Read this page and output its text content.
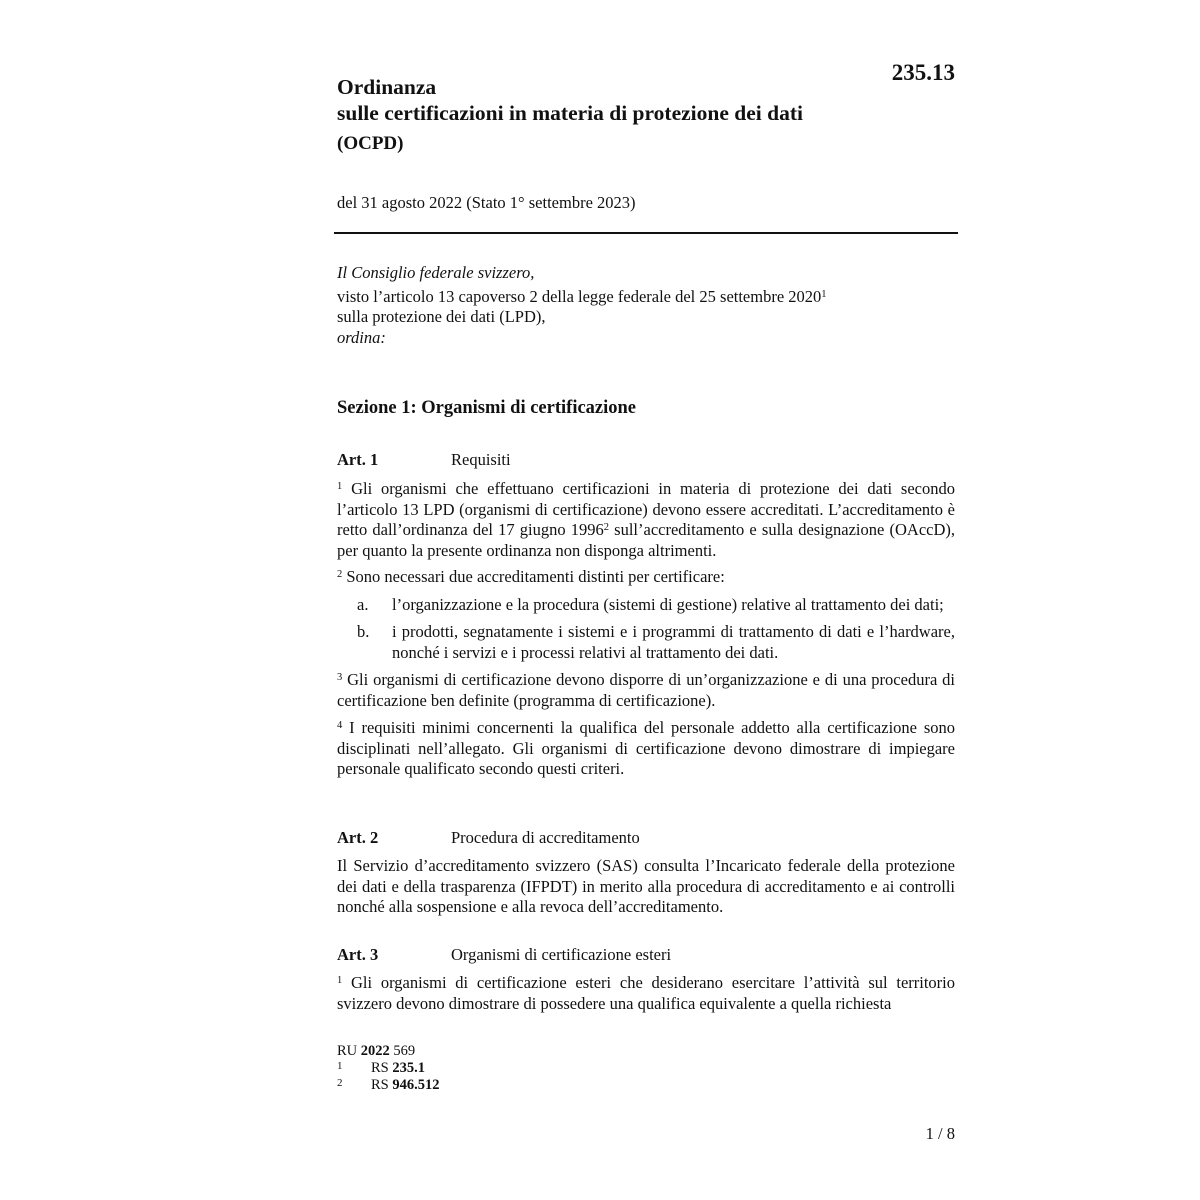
235.13
Ordinanza
sulle certificazioni in materia di protezione dei dati
(OCPD)
del 31 agosto 2022 (Stato 1° settembre 2023)

Il Consiglio federale svizzero,

visto l’articolo 13 capoverso 2 della legge federale del 25 settembre 2020$^1$
sulla protezione dei dati (LPD),

ordina:

Sezione 1: Organismi di certificazione
Art. 1	Requisiti

$^1$ Gli organismi che effettuano certificazioni in materia di protezione dei dati secondo l’articolo 13 LPD (organismi di certificazione) devono essere accreditati. L’accreditamento è retto dall’ordinanza del 17 giugno 1996$^2$ sull’accreditamento e sulla designazione (OAccD), per quanto la presente ordinanza non disponga altrimenti.

$^2$ Sono necessari due accreditamenti distinti per certificare:

a. l’organizzazione e la procedura (sistemi di gestione) relative al trattamento dei dati;
b. i prodotti, segnatamente i sistemi e i programmi di trattamento di dati e l’hardware, nonché i servizi e i processi relativi al trattamento dei dati.

$^3$ Gli organismi di certificazione devono disporre di un’organizzazione e di una procedura di certificazione ben definite (programma di certificazione).

$^4$ I requisiti minimi concernenti la qualifica del personale addetto alla certificazione sono disciplinati nell’allegato. Gli organismi di certificazione devono dimostrare di impiegare personale qualificato secondo questi criteri.

Art. 2	Procedura di accreditamento

Il Servizio d’accreditamento svizzero (SAS) consulta l’Incaricato federale della protezione dei dati e della trasparenza (IFPDT) in merito alla procedura di accreditamento e ai controlli nonché alla sospensione e alla revoca dell’accreditamento.

Art. 3	Organismi di certificazione esteri

$^1$ Gli organismi di certificazione esteri che desiderano esercitare l’attività sul territorio svizzero devono dimostrare di possedere una qualifica equivalente a quella richiesta

RU 2022 569
1 RS 235.1
2 RS 946.512
1 / 8
